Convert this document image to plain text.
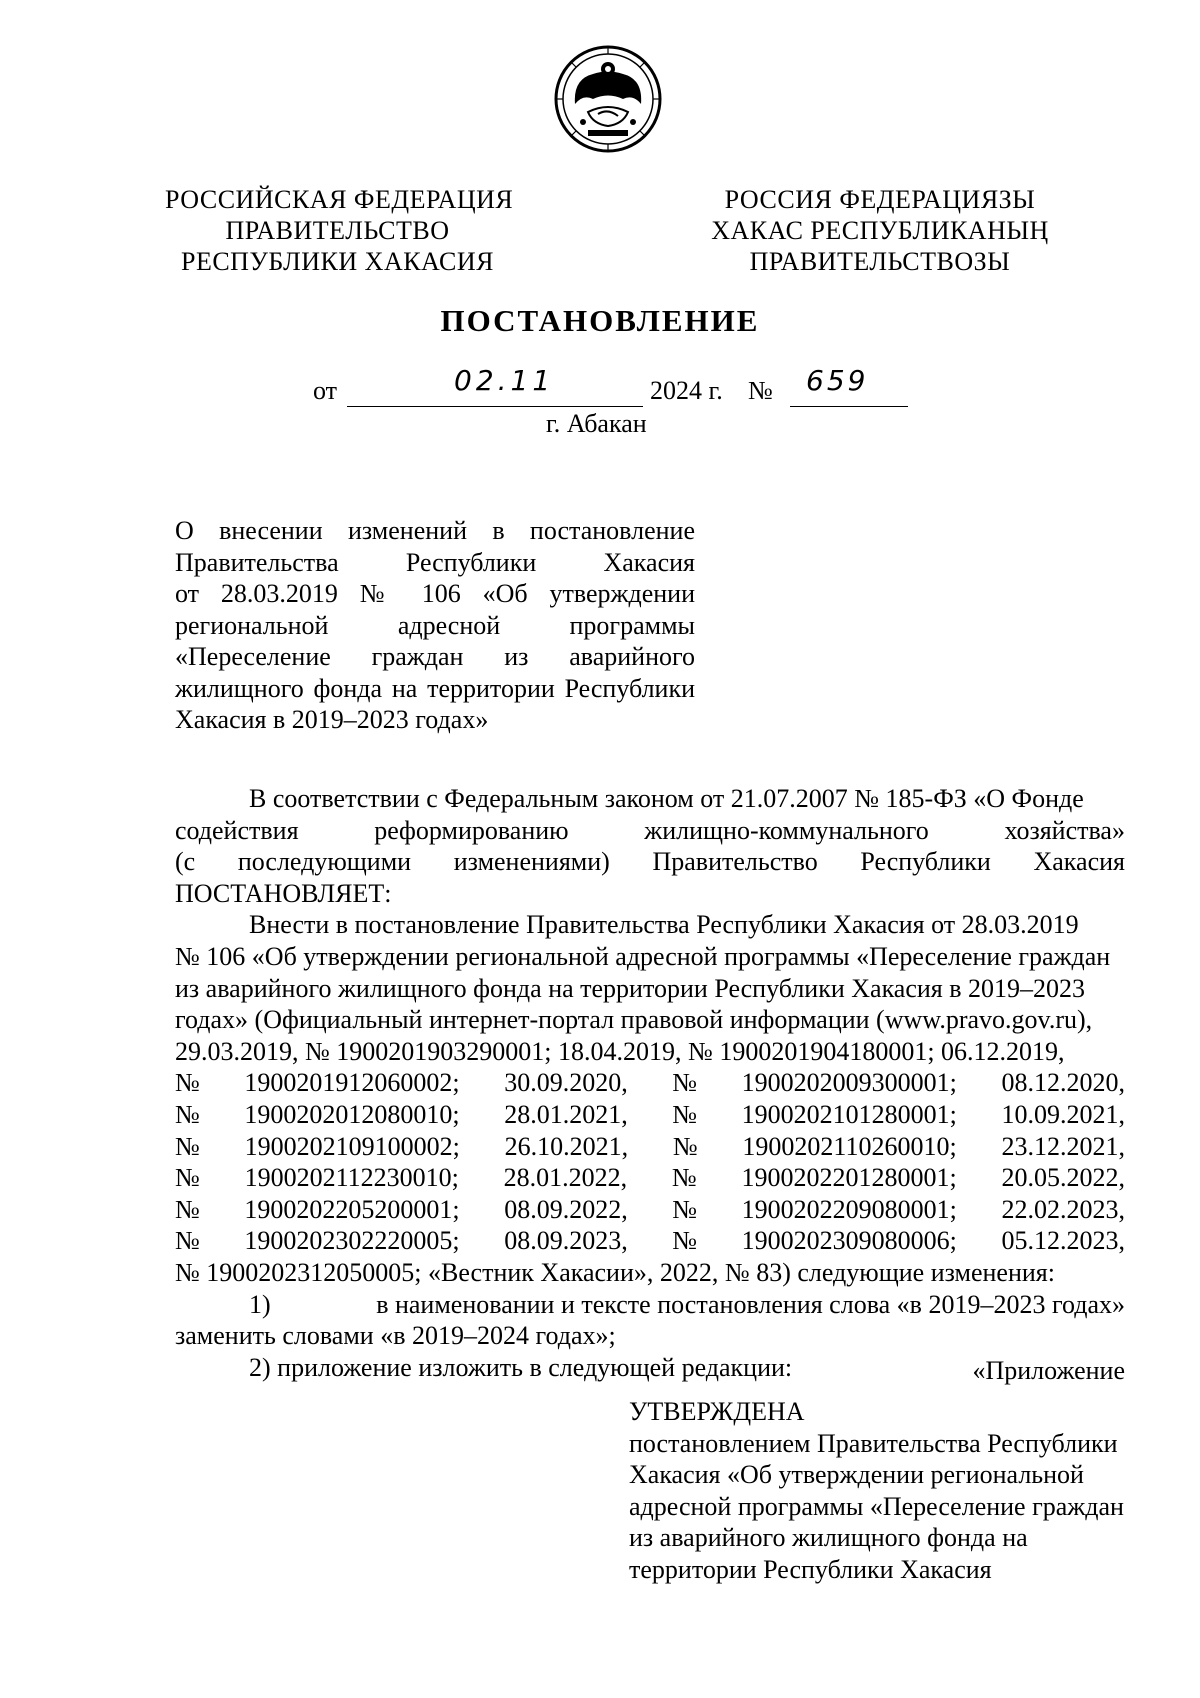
РОССИЙСКАЯ ФЕДЕРАЦИЯ
ПРАВИТЕЛЬСТВО
РЕСПУБЛИКИ ХАКАСИЯ
РОССИЯ ФЕДЕРАЦИЯЗЫ
ХАКАС РЕСПУБЛИКАНЫҢ
ПРАВИТЕЛЬСТВОЗЫ
ПОСТАНОВЛЕНИЕ
от	02.11	2024 г. № 659
г. Абакан
О внесении изменений в постановление
Правительства Республики Хакасия
от 28.03.2019 № 106 «Об утверждении
региональной адресной программы
«Переселение граждан из аварийного
жилищного фонда на территории Республики
Хакасия в 2019–2023 годах»
В соответствии с Федеральным законом от 21.07.2007 № 185-ФЗ «О Фонде
содействия	реформированию	жилищно-коммунального	хозяйства»
(с последующими изменениями) Правительство Республики Хакасия
ПОСТАНОВЛЯЕТ:
Внести в постановление Правительства Республики Хакасия от 28.03.2019
№ 106 «Об утверждении региональной адресной программы «Переселение граждан
из аварийного жилищного фонда на территории Республики Хакасия в 2019–2023
годах» (Официальный интернет-портал правовой информации (www.pravo.gov.ru),
29.03.2019, № 1900201903290001; 18.04.2019, № 1900201904180001; 06.12.2019,
№ 1900201912060002; 30.09.2020, № 1900202009300001; 08.12.2020,
№ 1900202012080010; 28.01.2021, № 1900202101280001; 10.09.2021,
№ 1900202109100002; 26.10.2021, № 1900202110260010; 23.12.2021,
№ 1900202112230010; 28.01.2022, № 1900202201280001; 20.05.2022,
№ 1900202205200001; 08.09.2022, № 1900202209080001; 22.02.2023,
№ 1900202302220005; 08.09.2023, № 1900202309080006; 05.12.2023,
№ 1900202312050005; «Вестник Хакасии», 2022, № 83) следующие изменения:
1)	в наименовании и тексте постановления слова «в 2019–2023 годах»
заменить словами «в 2019–2024 годах»;
2) приложение изложить в следующей редакции:	«Приложение
УТВЕРЖДЕНА
постановлением Правительства Республики
Хакасия «Об утверждении региональной
адресной программы «Переселение граждан
из аварийного жилищного фонда на
территории Республики Хакасия
